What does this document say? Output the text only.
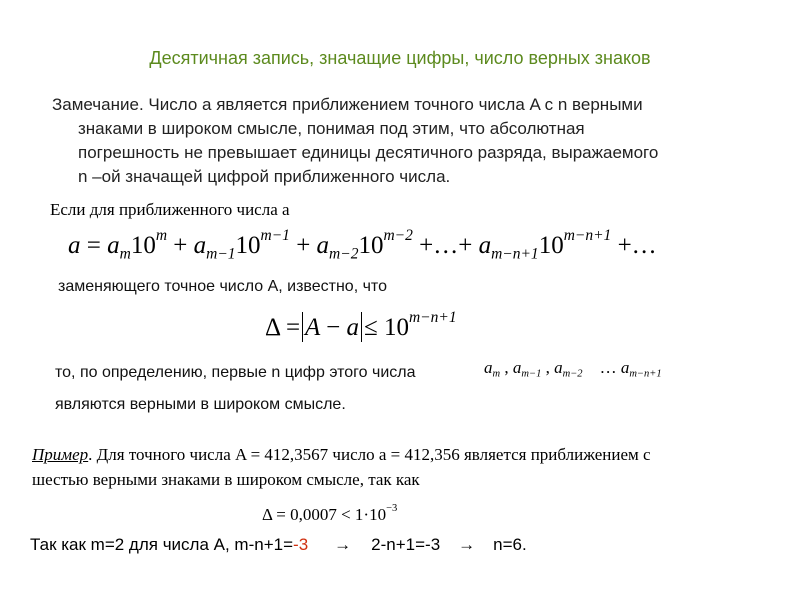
Десятичная запись, значащие цифры, число верных знаков
Замечание. Число a является приближением точного числа A с n верными
знаками в широком смысле, понимая под этим, что абсолютная
погрешность не превышает единицы десятичного разряда, выражаемого
n –ой значащей цифрой приближенного числа.
Если для приближенного числа a
$a = a_m10^m + a_{m-1}10^{m-1} + a_{m-2}10^{m-2}$ +…+ $a_{m-n+1}10^{m-n+1}$ +…
заменяющего точное число A, известно, что
$\Delta = A - a \le 10^{m-n+1}$
то, по определению, первые n цифр этого числа	$a_m$ , $a_{m-1}$ , $a_{m-2}$    … $a_{m-n+1}$
являются верными в широком смысле.
Пример. Для точного числа A = 412,3567 число a = 412,356 является приближением с
шестью верными знаками в широком смысле, так как
$\Delta = 0,0007 < 1\cdot 10^{-3}$
Так как m=2 для числа A, m-n+1=-3 → 2-n+1=-3 → n=6.
